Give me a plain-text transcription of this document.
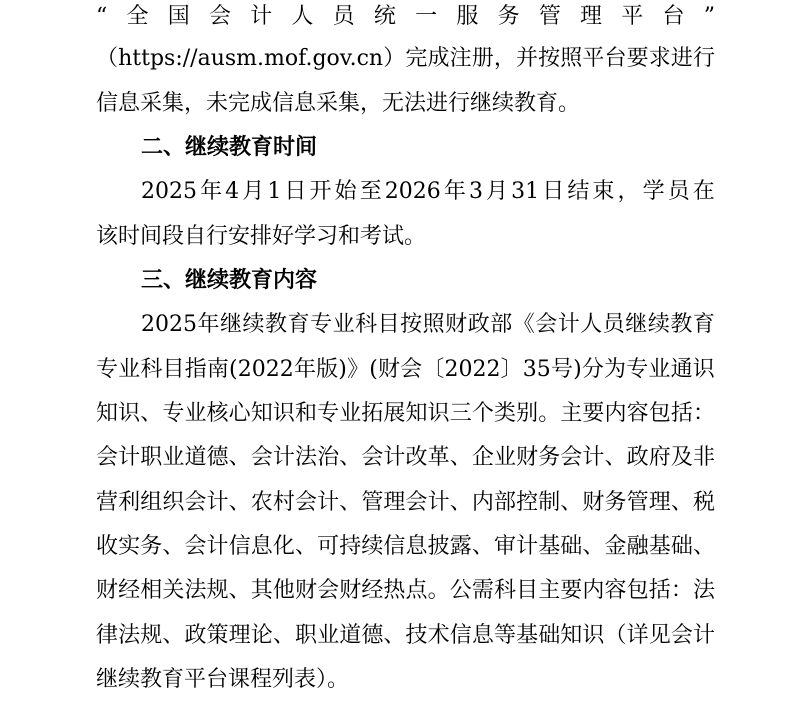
“ 全 国 会 计 人 员 统 一 服 务 管 理 平 台 ”
（ https://ausm.mof.gov.cn ） 完 成 注 册 ， 并 按 照 平 台 要 求 进 行
信息采集，未完成信息采集，无法进行继续教育。
二、继续教育时间
2025 年 4 月 1 日 开 始 至 2026 年 3 月 31 日 结 束 ， 学 员 在
该时间段自行安排好学习和考试。
三、继续教育内容
2025 年 继 续 教 育 专 业 科 目 按 照 财 政 部 《 会 计 人 员 继 续 教 育
专 业 科 目 指 南 ( 2022 年 版 ) 》 ( 财 会 〔 2022 〕 35 号 ) 分 为 专 业 通 识
知 识 、 专 业 核 心 知 识 和 专 业 拓 展 知 识 三 个 类 别 。 主 要 内 容 包 括 ：
会 计 职 业 道 德 、 会 计 法 治 、 会 计 改 革 、 企 业 财 务 会 计 、 政 府 及 非
营 利 组 织 会 计 、 农 村 会 计 、 管 理 会 计 、 内 部 控 制 、 财 务 管 理 、 税
收 实 务 、 会 计 信 息 化 、 可 持 续 信 息 披 露 、 审 计 基 础 、 金 融 基 础 、
财 经 相 关 法 规 、 其 他 财 会 财 经 热 点 。 公 需 科 目 主 要 内 容 包 括 ： 法
律 法 规 、 政 策 理 论 、 职 业 道 德 、 技 术 信 息 等 基 础 知 识 （ 详 见 会 计
继续教育平台课程列表）。
